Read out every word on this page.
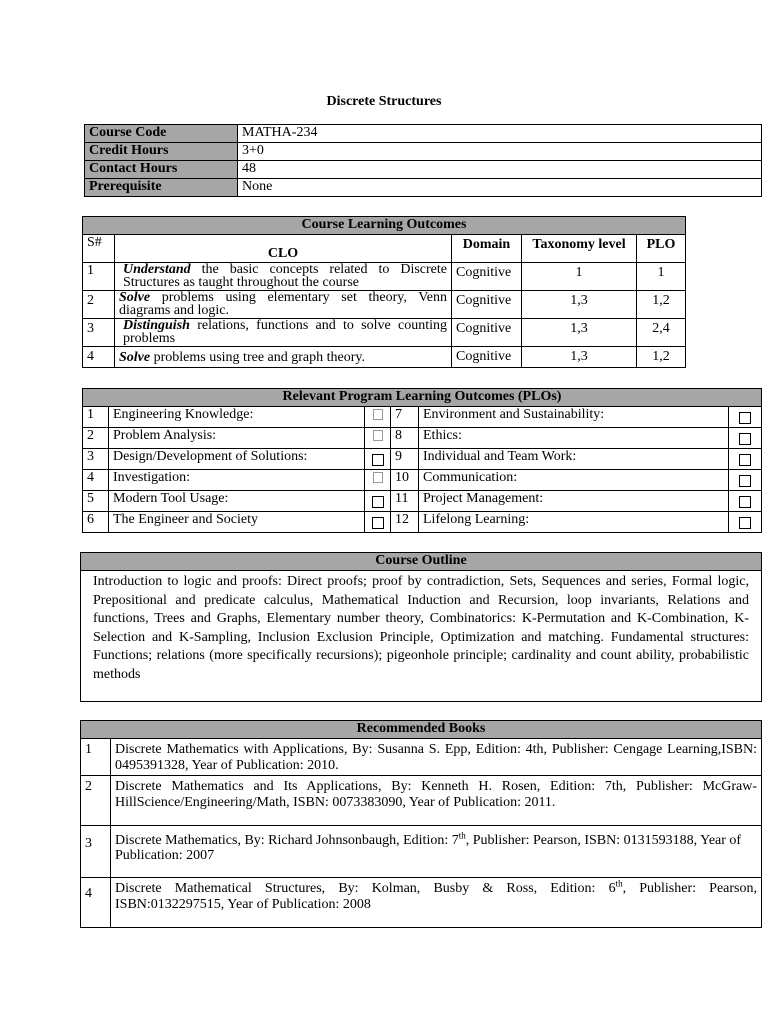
Discrete Structures
Course Code	MATHA-234
Credit Hours	3+0
Contact Hours	48
Prerequisite	None
Course Learning Outcomes				
S#	CLO	Domain	Taxonomy level	PLO
1	Understand the basic concepts related to Discrete Structures as taught throughout the course	Cognitive	1	1
2	Solve problems using elementary set theory, Venn diagrams and logic.	Cognitive	1,3	1,2
3	Distinguish relations, functions and to solve counting problems	Cognitive	1,3	2,4
4	Solve problems using tree and graph theory.	Cognitive	1,3	1,2
Relevant Program Learning Outcomes (PLOs)					
1	Engineering Knowledge:		7	Environment and Sustainability:	
2	Problem Analysis:		8	Ethics:	
3	Design/Development of Solutions:		9	Individual and Team Work:	
4	Investigation:		10	Communication:	
5	Modern Tool Usage:		11	Project Management:	
6	The Engineer and Society		12	Lifelong Learning:	
Course Outline
Introduction to logic and proofs: Direct proofs; proof by contradiction, Sets, Sequences and series, Formal logic, Prepositional and predicate calculus, Mathematical Induction and Recursion, loop invariants, Relations and functions, Trees and Graphs, Elementary number theory, Combinatorics: K-Permutation and K-Combination, K-Selection and K-Sampling, Inclusion Exclusion Principle, Optimization and matching. Fundamental structures: Functions; relations (more specifically recursions); pigeonhole principle; cardinality and count ability, probabilistic methods
Recommended Books	
1	Discrete Mathematics with Applications, By: Susanna S. Epp, Edition: 4th, Publisher: Cengage Learning,ISBN: 0495391328, Year of Publication: 2010.
2	Discrete Mathematics and Its Applications, By: Kenneth H. Rosen, Edition: 7th, Publisher: McGraw-HillScience/Engineering/Math, ISBN: 0073383090, Year of Publication: 2011.
3	Discrete Mathematics, By: Richard Johnsonbaugh, Edition: 7th, Publisher: Pearson, ISBN: 0131593188, Year of
Publication: 2007
4	Discrete Mathematical Structures, By: Kolman, Busby & Ross, Edition: 6th, Publisher: Pearson, ISBN:0132297515, Year of Publication: 2008
